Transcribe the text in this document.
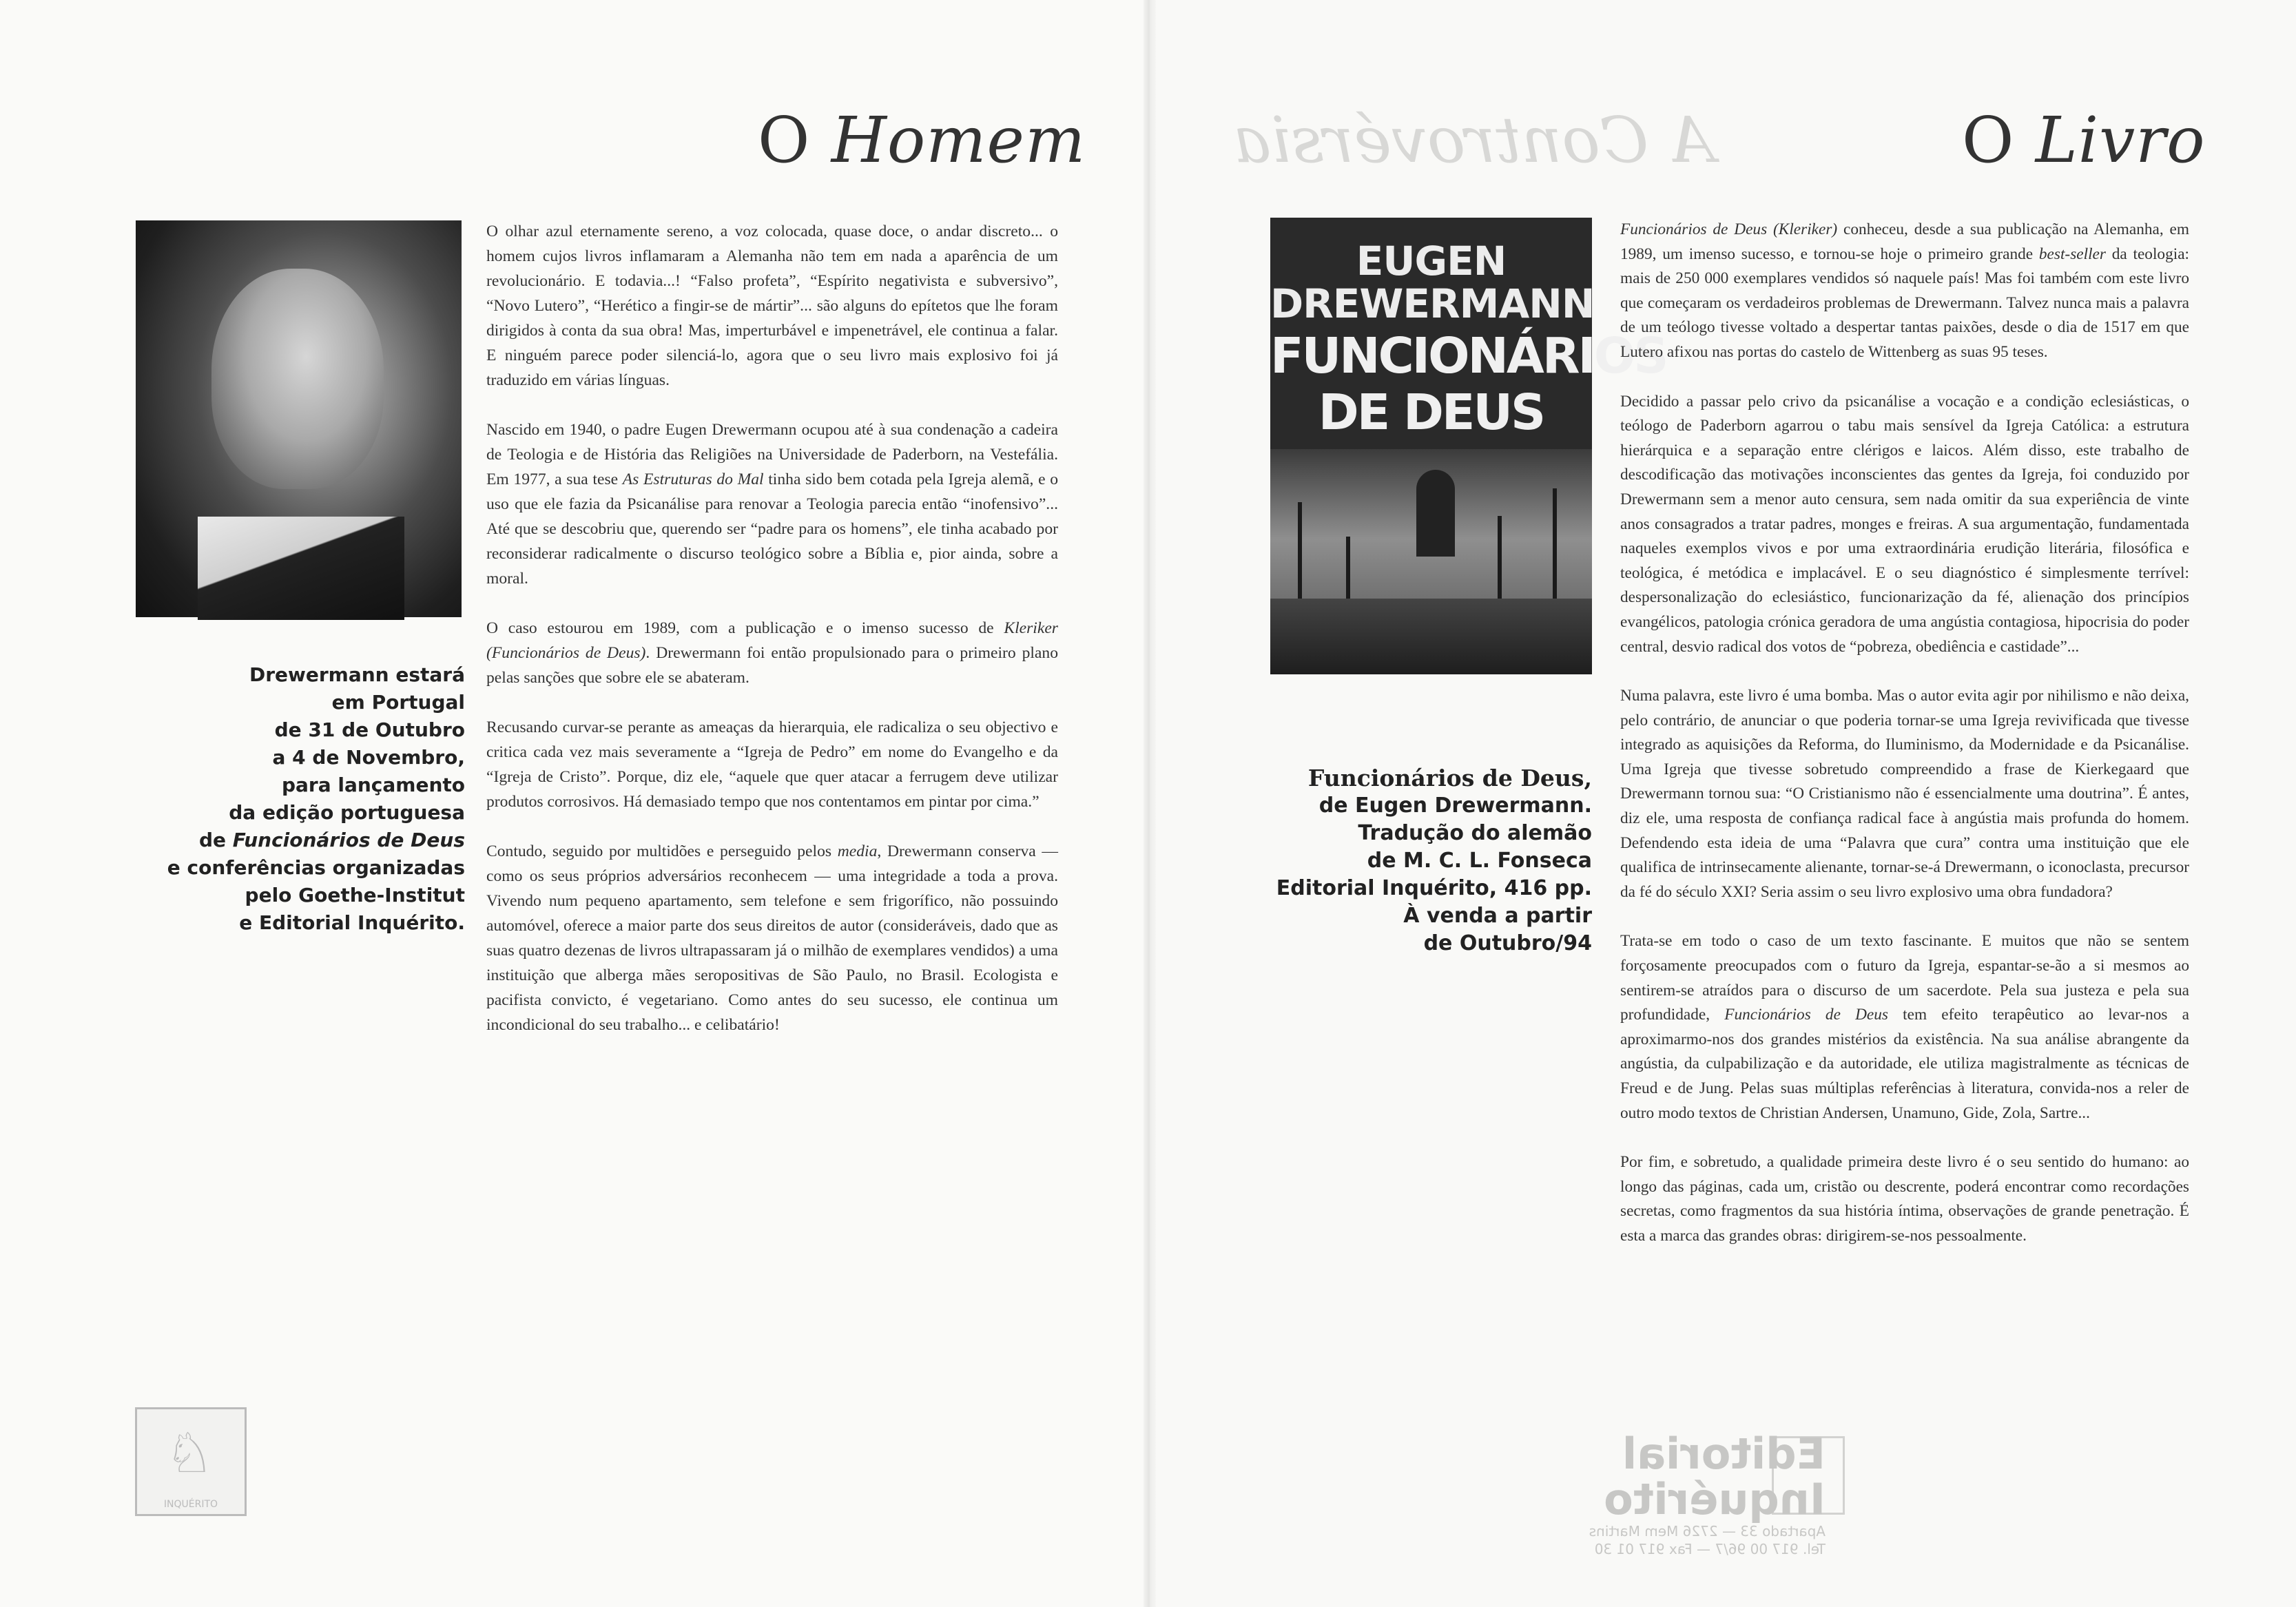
O Homem

O olhar azul eternamente sereno, a voz colocada, quase doce, o andar discreto... o homem cujos livros inflamaram a Alemanha não tem em nada a aparência de um revolucionário. E todavia...! “Falso profeta”, “Espírito negativista e subversivo”, “Novo Lutero”, “Herético a fingir-se de mártir”... são alguns do epítetos que lhe foram dirigidos à conta da sua obra! Mas, imperturbável e impenetrável, ele continua a falar. E ninguém parece poder silenciá-lo, agora que o seu livro mais explosivo foi já traduzido em várias línguas.

Nascido em 1940, o padre Eugen Drewermann ocupou até à sua condenação a cadeira de Teologia e de História das Religiões na Universidade de Paderborn, na Vestefália. Em 1977, a sua tese As Estruturas do Mal tinha sido bem cotada pela Igreja alemã, e o uso que ele fazia da Psicanálise para renovar a Teologia parecia então “inofensivo”... Até que se descobriu que, querendo ser “padre para os homens”, ele tinha acabado por reconsiderar radicalmente o discurso teológico sobre a Bíblia e, pior ainda, sobre a moral.

O caso estourou em 1989, com a publicação e o imenso sucesso de Kleriker (Funcionários de Deus). Drewermann foi então propulsionado para o primeiro plano pelas sanções que sobre ele se abateram.

Recusando curvar-se perante as ameaças da hierarquia, ele radicaliza o seu objectivo e critica cada vez mais severamente a “Igreja de Pedro” em nome do Evangelho e da “Igreja de Cristo”. Porque, diz ele, “aquele que quer atacar a ferrugem deve utilizar produtos corrosivos. Há demasiado tempo que nos contentamos em pintar por cima.”

Contudo, seguido por multidões e perseguido pelos media, Drewermann conserva — como os seus próprios adversários reconhecem — uma integridade a toda a prova. Vivendo num pequeno apartamento, sem telefone e sem frigorífico, não possuindo automóvel, oferece a maior parte dos seus direitos de autor (consideráveis, dado que as suas quatro dezenas de livros ultrapassaram já o milhão de exemplares vendidos) a uma instituição que alberga mães seropositivas de São Paulo, no Brasil. Ecologista e pacifista convicto, é vegetariano. Como antes do seu sucesso, ele continua um incondicional do seu trabalho... e celibatário!

Drewermann estará
em Portugal
de 31 de Outubro
a 4 de Novembro,
para lançamento
da edição portuguesa
de Funcionários de Deus
e conferências organizadas
pelo Goethe-Institut
e Editorial Inquérito.
♘
INQUÉRITO
A Controvérsia	O Livro
EUGEN
DREWERMANN
FUNCIONÁRIOS
DE DEUS
Funcionários de Deus,
de Eugen Drewermann.
Tradução do alemão
de M. C. L. Fonseca
Editorial Inquérito, 416 pp.
À venda a partir
de Outubro/94

Funcionários de Deus (Kleriker) conheceu, desde a sua publicação na Alemanha, em 1989, um imenso sucesso, e tornou-se hoje o primeiro grande best-seller da teologia: mais de 250 000 exemplares vendidos só naquele país! Mas foi também com este livro que começaram os verdadeiros problemas de Drewermann. Talvez nunca mais a palavra de um teólogo tivesse voltado a despertar tantas paixões, desde o dia de 1517 em que Lutero afixou nas portas do castelo de Wittenberg as suas 95 teses.

Decidido a passar pelo crivo da psicanálise a vocação e a condição eclesiásticas, o teólogo de Paderborn agarrou o tabu mais sensível da Igreja Católica: a estrutura hierárquica e a separação entre clérigos e laicos. Além disso, este trabalho de descodificação das motivações inconscientes das gentes da Igreja, foi conduzido por Drewermann sem a menor auto censura, sem nada omitir da sua experiência de vinte anos consagrados a tratar padres, monges e freiras. A sua argumentação, fundamentada naqueles exemplos vivos e por uma extraordinária erudição literária, filosófica e teológica, é metódica e implacável. E o seu diagnóstico é simplesmente terrível: despersonalização do eclesiástico, funcionarização da fé, alienação dos princípios evangélicos, patologia crónica geradora de uma angústia contagiosa, hipocrisia do poder central, desvio radical dos votos de “pobreza, obediência e castidade”...

Numa palavra, este livro é uma bomba. Mas o autor evita agir por nihilismo e não deixa, pelo contrário, de anunciar o que poderia tornar-se uma Igreja revivificada que tivesse integrado as aquisições da Reforma, do Iluminismo, da Modernidade e da Psicanálise. Uma Igreja que tivesse sobretudo compreendido a frase de Kierkegaard que Drewermann tornou sua: “O Cristianismo não é essencialmente uma doutrina”. É antes, diz ele, uma resposta de confiança radical face à angústia mais profunda do homem. Defendendo esta ideia de uma “Palavra que cura” contra uma instituição que ele qualifica de intrinsecamente alienante, tornar-se-á Drewermann, o iconoclasta, precursor da fé do século XXI? Seria assim o seu livro explosivo uma obra fundadora?

Trata-se em todo o caso de um texto fascinante. E muitos que não se sentem forçosamente preocupados com o futuro da Igreja, espantar-se-ão a si mesmos ao sentirem-se atraídos para o discurso de um sacerdote. Pela sua justeza e pela sua profundidade, Funcionários de Deus tem efeito terapêutico ao levar-nos a aproximarmo-nos dos grandes mistérios da existência. Na sua análise abrangente da angústia, da culpabilização e da autoridade, ele utiliza magistralmente as técnicas de Freud e de Jung. Pelas suas múltiplas referências à literatura, convida-nos a reler de outro modo textos de Christian Andersen, Unamuno, Gide, Zola, Sartre...

Por fim, e sobretudo, a qualidade primeira deste livro é o seu sentido do humano: ao longo das páginas, cada um, cristão ou descrente, poderá encontrar como recordações secretas, como fragmentos da sua história íntima, observações de grande penetração. É esta a marca das grandes obras: dirigirem-se-nos pessoalmente.

Editorial Inquérito
Apartado 33 — 2726 Mem Martins
Tel. 917 00 96/7 — Fax 917 01 30
